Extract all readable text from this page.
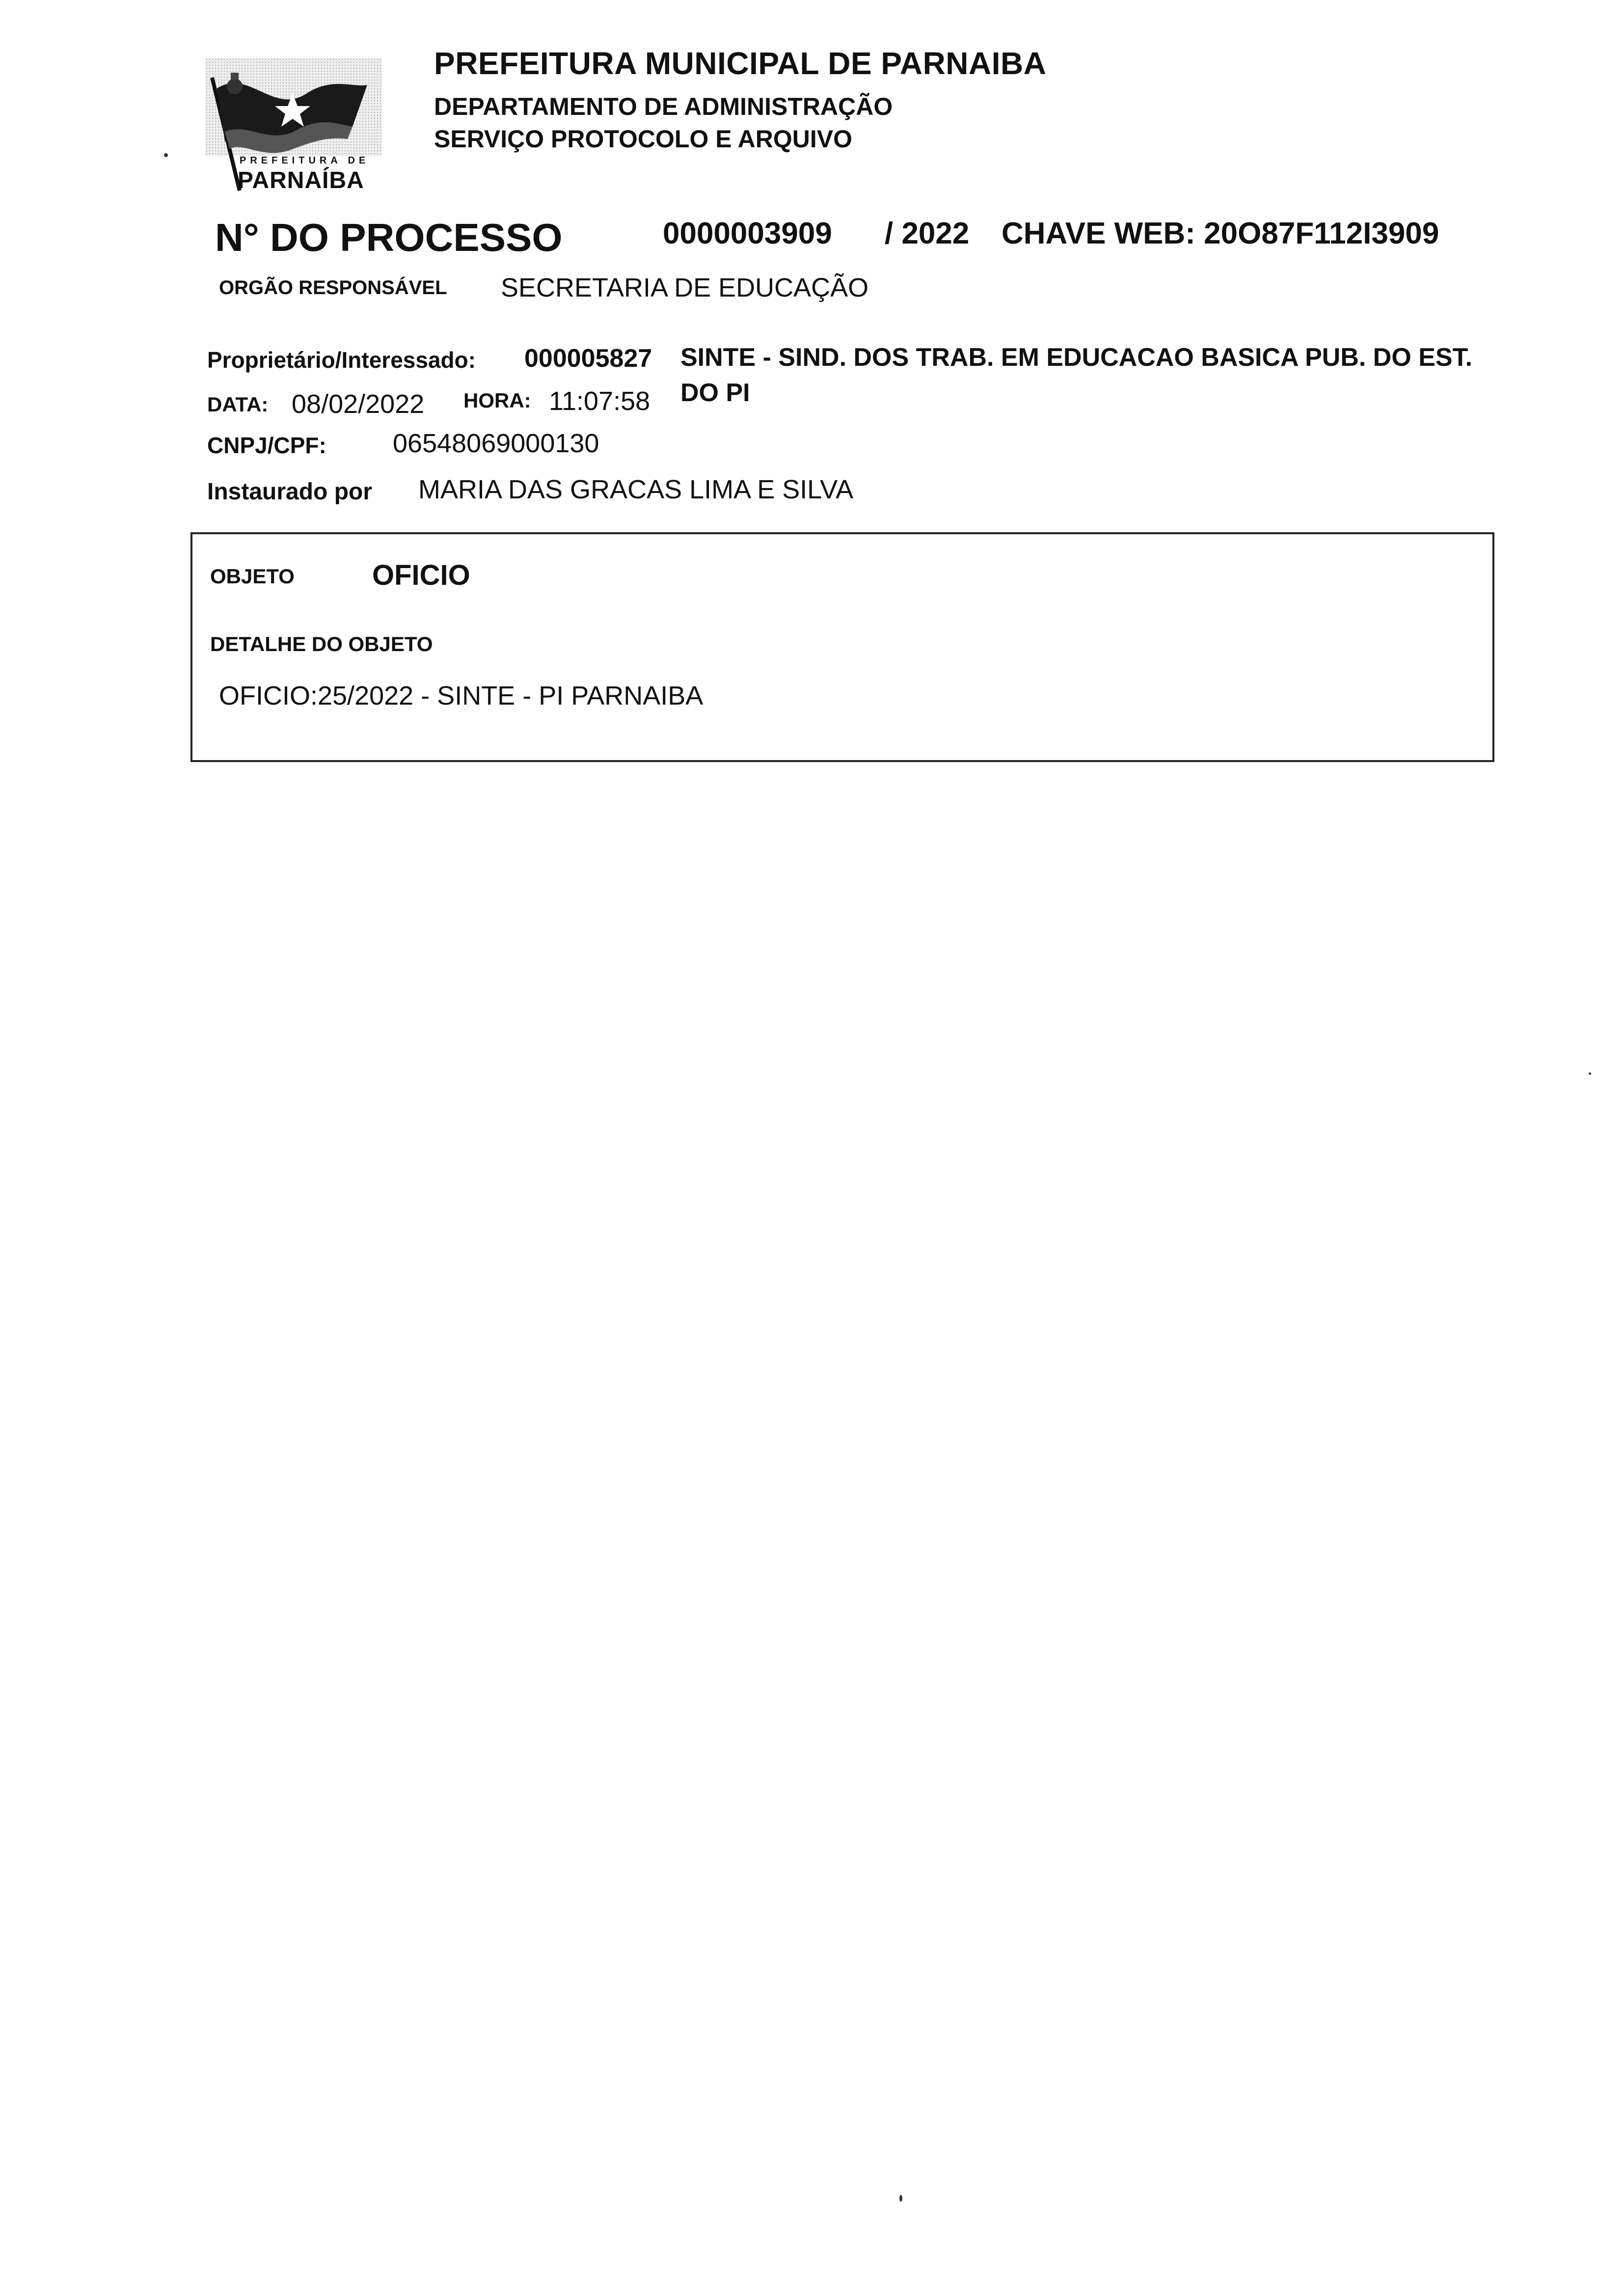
PREFEITURA DE
PARNAÍBA
PREFEITURA MUNICIPAL DE PARNAIBA
DEPARTAMENTO DE ADMINISTRAÇÃO
SERVIÇO PROTOCOLO E ARQUIVO
N° DO PROCESSO	0000003909 / 2022 CHAVE WEB: 20O87F112I3909
ORGÃO RESPONSÁVEL SECRETARIA DE EDUCAÇÃO
Proprietário/Interessado: 000005827 SINTE - SIND. DOS TRAB. EM EDUCACAO BASICA PUB. DO EST. DO PI
DATA: 08/02/2022 HORA: 11:07:58
CNPJ/CPF:	06548069000130
Instaurado por MARIA DAS GRACAS LIMA E SILVA
OBJETO	OFICIO
DETALHE DO OBJETO
OFICIO:25/2022 - SINTE - PI PARNAIBA
